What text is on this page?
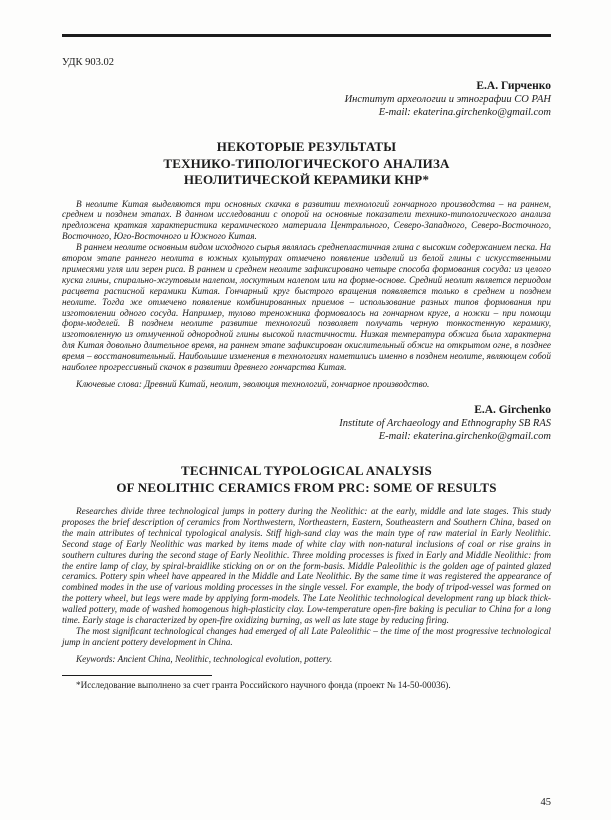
УДК 903.02
Е.А. Гирченко
Институт археологии и этнографии СО РАН
E-mail: ekaterina.girchenko@gmail.com
НЕКОТОРЫЕ РЕЗУЛЬТАТЫ
ТЕХНИКО-ТИПОЛОГИЧЕСКОГО АНАЛИЗА
НЕОЛИТИЧЕСКОЙ КЕРАМИКИ КНР*

В неолите Китая выделяются три основных скачка в развитии технологий гончарного производства – на раннем, среднем и позднем этапах. В данном исследовании с опорой на основные показатели технико-типологического анализа предложена краткая характеристика керамического материала Центрального, Северо-Западного, Северо-Восточного, Восточного, Юго-Восточного и Южного Китая.

В раннем неолите основным видом исходного сырья являлась среднепластичная глина с высоким содержанием песка. На втором этапе раннего неолита в южных культурах отмечено появление изделий из белой глины с искусственными примесями угля или зерен риса. В раннем и среднем неолите зафиксировано четыре способа формования сосуда: из целого куска глины, спирально-жгутовым налепом, лоскутным налепом или на форме-основе. Средний неолит является периодом расцвета расписной керамики Китая. Гончарный круг быстрого вращения появляется только в среднем и позднем неолите. Тогда же отмечено появление комбинированных приемов – использование разных типов формования при изготовлении одного сосуда. Например, тулово треножника формовалось на гончарном круге, а ножки – при помощи форм-моделей. В позднем неолите развитие технологий позволяет получать черную тонкостенную керамику, изготовленную из отмученной однородной глины высокой пластичности. Низкая температура обжига была характерна для Китая довольно длительное время, на раннем этапе зафиксирован окислительный обжиг на открытом огне, в позднее время – восстановительный. Наибольшие изменения в технологиях наметились именно в позднем неолите, являющем собой наиболее прогрессивный скачок в развитии древнего гончарства Китая.

Ключевые слова: Древний Китай, неолит, эволюция технологий, гончарное производство.

E.A. Girchenko
Institute of Archaeology and Ethnography SB RAS
E-mail: ekaterina.girchenko@gmail.com
TECHNICAL TYPOLOGICAL ANALYSIS
OF NEOLITHIC CERAMICS FROM PRC: SOME OF RESULTS

Researches divide three technological jumps in pottery during the Neolithic: at the early, middle and late stages. This study proposes the brief description of ceramics from Northwestern, Northeastern, Eastern, Southeastern and Southern China, based on the main attributes of technical typological analysis. Stiff high-sand clay was the main type of raw material in Early Neolithic. Second stage of Early Neolithic was marked by items made of white clay with non-natural inclusions of coal or rise grains in southern cultures during the second stage of Early Neolithic. Three molding processes is fixed in Early and Middle Neolithic: from the entire lamp of clay, by spiral-braidlike sticking on or on the form-basis. Middle Paleolithic is the golden age of painted glazed ceramics. Pottery spin wheel have appeared in the Middle and Late Neolithic. By the same time it was registered the appearance of combined modes in the use of various molding processes in the single vessel. For example, the body of tripod-vessel was formed on the pottery wheel, but legs were made by applying form-models. The Late Neolithic technological development rang up black thick-walled pottery, made of washed homogenous high-plasticity clay. Low-temperature open-fire baking is peculiar to China for a long time. Early stage is characterized by open-fire oxidizing burning, as well as late stage by reducing firing.

The most significant technological changes had emerged of all Late Paleolithic – the time of the most progressive technological jump in ancient pottery development in China.

Keywords: Ancient China, Neolithic, technological evolution, pottery.

*Исследование выполнено за счет гранта Российского научного фонда (проект № 14-50-00036).

45
